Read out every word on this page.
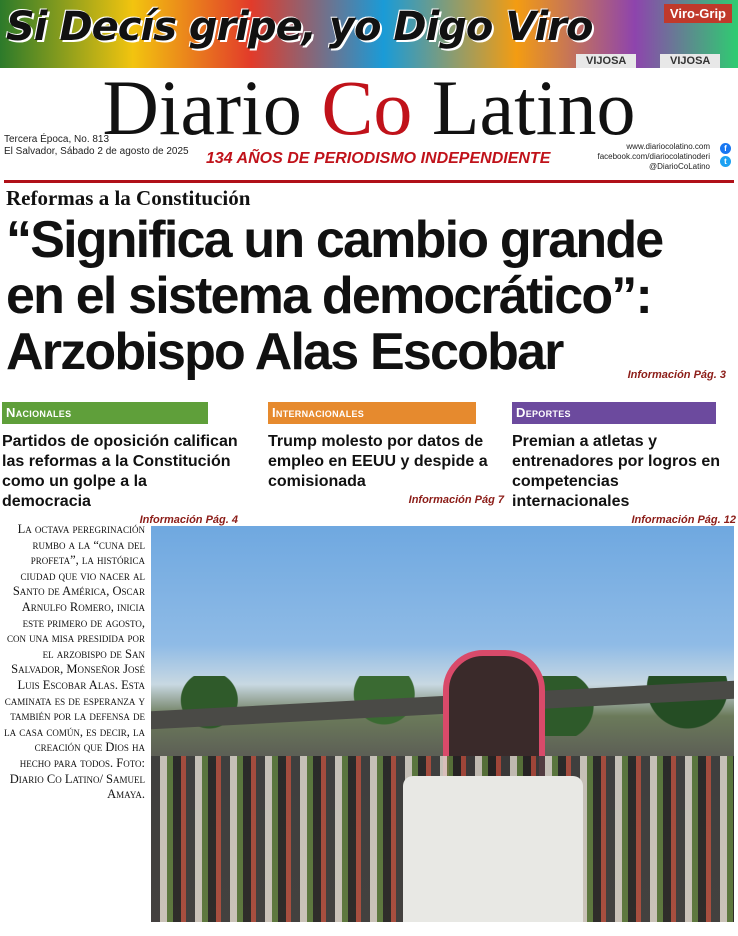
Si Decís gripe, yo Digo Viro	Viro-Grip
VIJOSA	VIJOSA
Diario Co Latino
Tercera Época, No. 813
El Salvador, Sábado 2 de agosto de 2025 134 AÑOS DE PERIODISMO INDEPENDIENTE
www.diariocolatino.com
facebook.com/diariocolatinoderi
@DiarioCoLatino
f
t
Reformas a la Constitución
“Significa un cambio grande
en el sistema democrático”:
Arzobispo Alas Escobar	Información Pág. 3
Nacionales
Partidos de oposición califican las reformas a la Constitución como un golpe a la democracia
Información Pág. 4
Internacionales
Trump molesto por datos de empleo en EEUU y despide a comisionada
Información Pág 7
Deportes
Premian a atletas y entrenadores por logros en competencias internacionales
Información Pág. 12
La octava peregrinación rumbo a la “cuna del profeta”, la histórica ciudad que vio nacer al Santo de América, Oscar Arnulfo Romero, inicia este primero de agosto, con una misa presidida por el arzobispo de San Salvador, Monseñor José Luis Escobar Alas. Esta caminata es de esperanza y también por la defensa de la casa común, es decir, la creación que Dios ha hecho para todos. Foto: Diario Co Latino/ Samuel Amaya.
